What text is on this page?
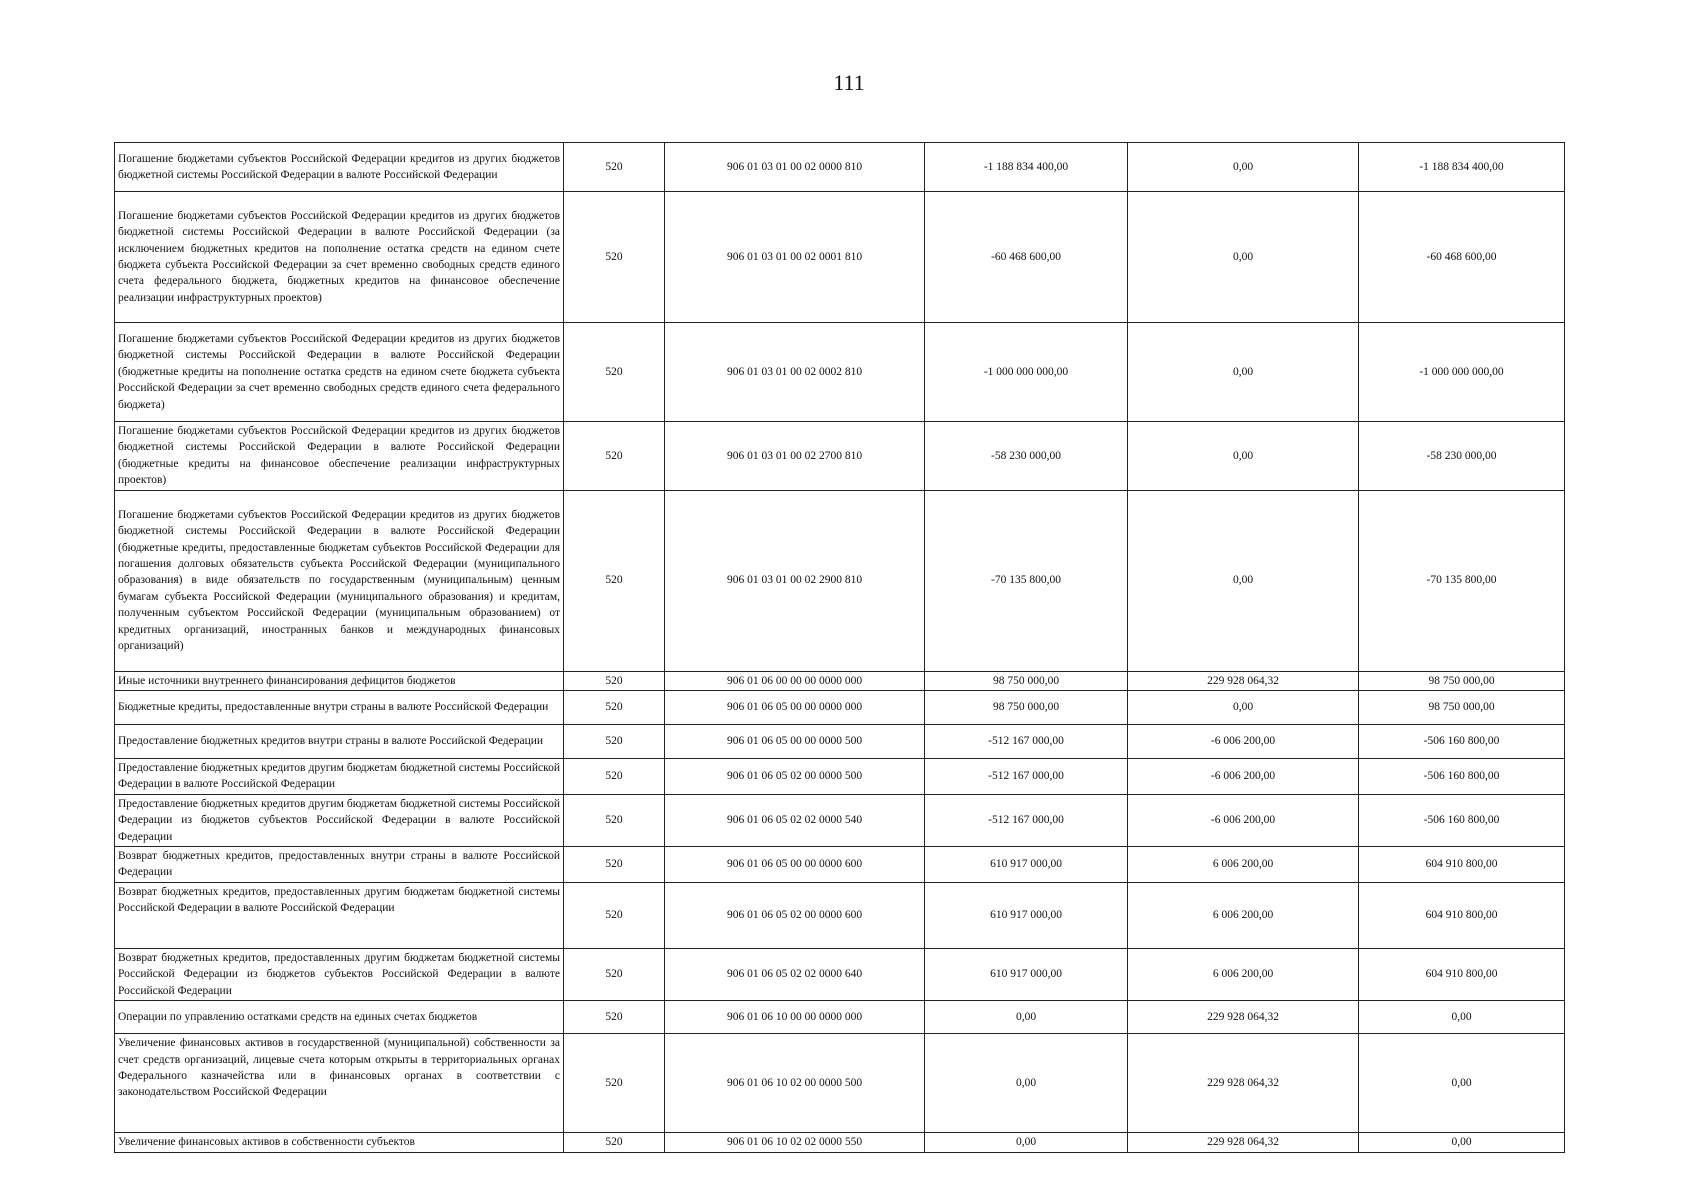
111
Погашение бюджетами субъектов Российской Федерации кредитов из других бюджетов бюджетной системы Российской Федерации в валюте Российской Федерации	520	906 01 03 01 00 02 0000 810	-1 188 834 400,00	0,00	-1 188 834 400,00
Погашение бюджетами субъектов Российской Федерации кредитов из других бюджетов бюджетной системы Российской Федерации в валюте Российской Федерации (за исключением бюджетных кредитов на пополнение остатка средств на едином счете бюджета субъекта Российской Федерации за счет временно свободных средств единого счета федерального бюджета, бюджетных кредитов на финансовое обеспечение реализации инфраструктурных проектов)	520	906 01 03 01 00 02 0001 810	-60 468 600,00	0,00	-60 468 600,00
Погашение бюджетами субъектов Российской Федерации кредитов из других бюджетов бюджетной системы Российской Федерации в валюте Российской Федерации (бюджетные кредиты на пополнение остатка средств на едином счете бюджета субъекта Российской Федерации за счет временно свободных средств единого счета федерального бюджета)	520	906 01 03 01 00 02 0002 810	-1 000 000 000,00	0,00	-1 000 000 000,00
Погашение бюджетами субъектов Российской Федерации кредитов из других бюджетов бюджетной системы Российской Федерации в валюте Российской Федерации (бюджетные кредиты на финансовое обеспечение реализации инфраструктурных проектов)	520	906 01 03 01 00 02 2700 810	-58 230 000,00	0,00	-58 230 000,00
Погашение бюджетами субъектов Российской Федерации кредитов из других бюджетов бюджетной системы Российской Федерации в валюте Российской Федерации (бюджетные кредиты, предоставленные бюджетам субъектов Российской Федерации для погашения долговых обязательств субъекта Российской Федерации (муниципального образования) в виде обязательств по государственным (муниципальным) ценным бумагам субъекта Российской Федерации (муниципального образования) и кредитам, полученным субъектом Российской Федерации (муниципальным образованием) от кредитных организаций, иностранных банков и международных финансовых организаций)	520	906 01 03 01 00 02 2900 810	-70 135 800,00	0,00	-70 135 800,00
Иные источники внутреннего финансирования дефицитов бюджетов	520	906 01 06 00 00 00 0000 000	98 750 000,00	229 928 064,32	98 750 000,00
Бюджетные кредиты, предоставленные внутри страны в валюте Российской Федерации	520	906 01 06 05 00 00 0000 000	98 750 000,00	0,00	98 750 000,00
Предоставление бюджетных кредитов внутри страны в валюте Российской Федерации	520	906 01 06 05 00 00 0000 500	-512 167 000,00	-6 006 200,00	-506 160 800,00
Предоставление бюджетных кредитов другим бюджетам бюджетной системы Российской Федерации в валюте Российской Федерации	520	906 01 06 05 02 00 0000 500	-512 167 000,00	-6 006 200,00	-506 160 800,00
Предоставление бюджетных кредитов другим бюджетам бюджетной системы Российской Федерации из бюджетов субъектов Российской Федерации в валюте Российской Федерации	520	906 01 06 05 02 02 0000 540	-512 167 000,00	-6 006 200,00	-506 160 800,00
Возврат бюджетных кредитов, предоставленных внутри страны в валюте Российской Федерации	520	906 01 06 05 00 00 0000 600	610 917 000,00	6 006 200,00	604 910 800,00
Возврат бюджетных кредитов, предоставленных другим бюджетам бюджетной системы Российской Федерации в валюте Российской Федерации	520	906 01 06 05 02 00 0000 600	610 917 000,00	6 006 200,00	604 910 800,00
Возврат бюджетных кредитов, предоставленных другим бюджетам бюджетной системы Российской Федерации из бюджетов субъектов Российской Федерации в валюте Российской Федерации	520	906 01 06 05 02 02 0000 640	610 917 000,00	6 006 200,00	604 910 800,00
Операции по управлению остатками средств на единых счетах бюджетов	520	906 01 06 10 00 00 0000 000	0,00	229 928 064,32	0,00
Увеличение финансовых активов в государственной (муниципальной) собственности за счет средств организаций, лицевые счета которым открыты в территориальных органах Федерального казначейства или в финансовых органах в соответствии с законодательством Российской Федерации	520	906 01 06 10 02 00 0000 500	0,00	229 928 064,32	0,00
Увеличение финансовых активов в собственности субъектов	520	906 01 06 10 02 02 0000 550	0,00	229 928 064,32	0,00
